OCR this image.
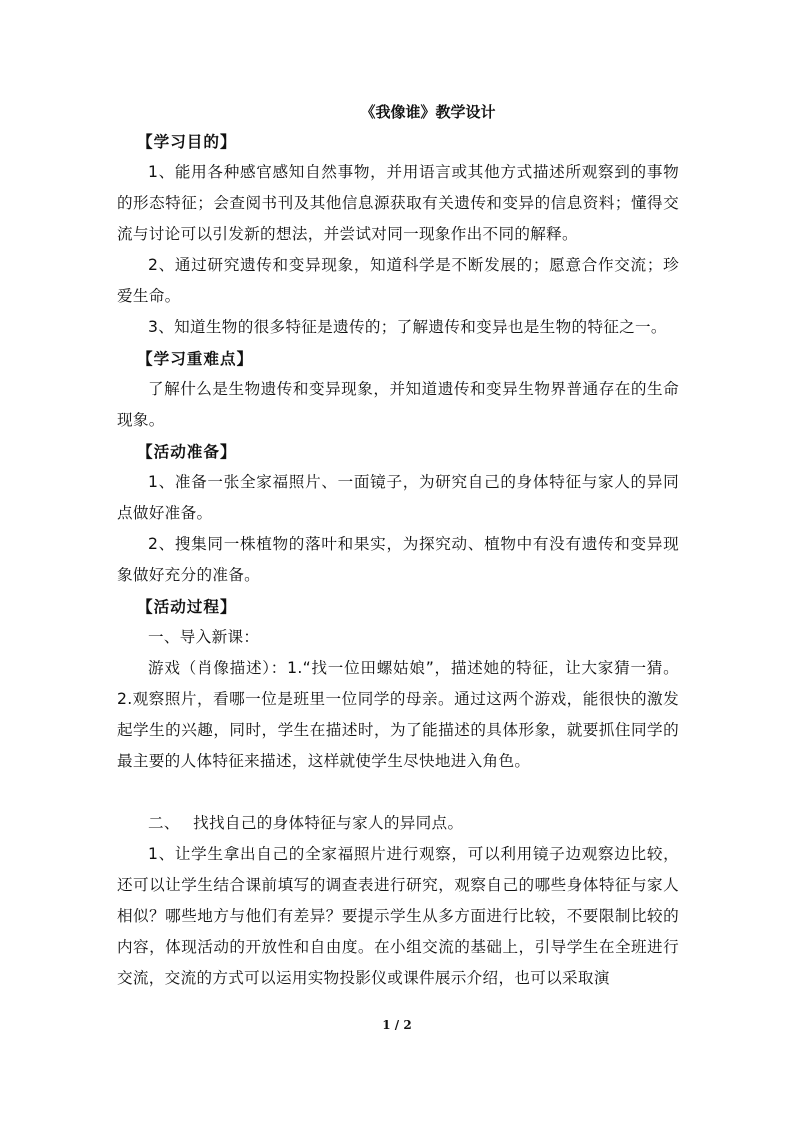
《我像谁》教学设计
【学习目的】

1、能用各种感官感知自然事物，并用语言或其他方式描述所观察到的事物的形态特征；会查阅书刊及其他信息源获取有关遗传和变异的信息资料；懂得交流与讨论可以引发新的想法，并尝试对同一现象作出不同的解释。

2、通过研究遗传和变异现象，知道科学是不断发展的；愿意合作交流；珍爱生命。

3、知道生物的很多特征是遗传的；了解遗传和变异也是生物的特征之一。

【学习重难点】

了解什么是生物遗传和变异现象，并知道遗传和变异生物界普通存在的生命现象。

【活动准备】

1、准备一张全家福照片、一面镜子，为研究自己的身体特征与家人的异同点做好准备。

2、搜集同一株植物的落叶和果实，为探究动、植物中有没有遗传和变异现象做好充分的准备。

【活动过程】

一、导入新课：

游戏（肖像描述）：1.“找一位田螺姑娘”，描述她的特征，让大家猜一猜。2.观察照片，看哪一位是班里一位同学的母亲。通过这两个游戏，能很快的激发起学生的兴趣，同时，学生在描述时，为了能描述的具体形象，就要抓住同学的最主要的人体特征来描述，这样就使学生尽快地进入角色。

二、　 找找自己的身体特征与家人的异同点。

1、让学生拿出自己的全家福照片进行观察，可以利用镜子边观察边比较，还可以让学生结合课前填写的调查表进行研究，观察自己的哪些身体特征与家人相似？哪些地方与他们有差异？要提示学生从多方面进行比较，不要限制比较的内容，体现活动的开放性和自由度。在小组交流的基础上，引导学生在全班进行交流，交流的方式可以运用实物投影仪或课件展示介绍，也可以采取演

1 / 2
